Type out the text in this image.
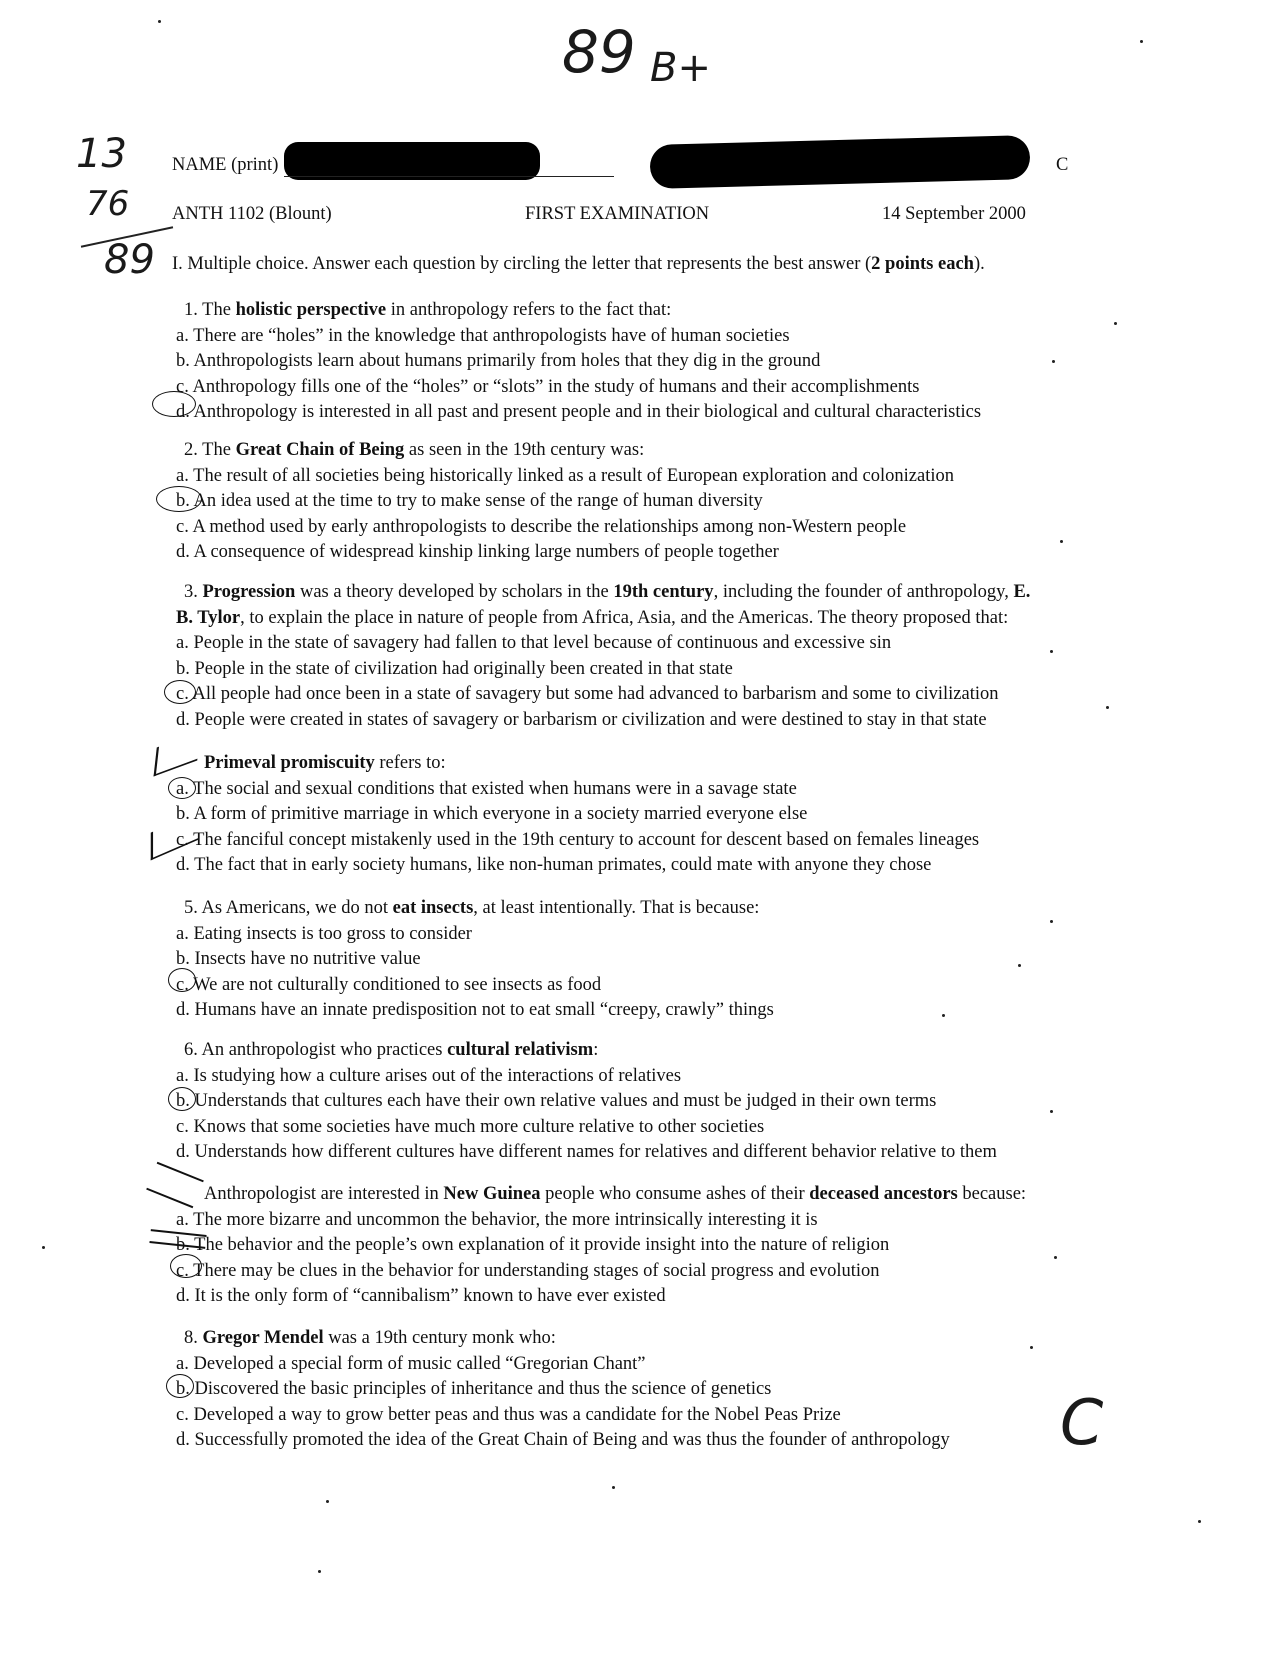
89 B+
13
76
89
C
NAME (print)	C
ANTH 1102 (Blount)	FIRST EXAMINATION	14 September 2000
I. Multiple choice. Answer each question by circling the letter that represents the best answer (2 points each).
1. The holistic perspective in anthropology refers to the fact that:
a. There are “holes” in the knowledge that anthropologists have of human societies
b. Anthropologists learn about humans primarily from holes that they dig in the ground
c. Anthropology fills one of the “holes” or “slots” in the study of humans and their accomplishments
d. Anthropology is interested in all past and present people and in their biological and cultural characteristics
2. The Great Chain of Being as seen in the 19th century was:
a. The result of all societies being historically linked as a result of European exploration and colonization
b. An idea used at the time to try to make sense of the range of human diversity
c. A method used by early anthropologists to describe the relationships among non-Western people
d. A consequence of widespread kinship linking large numbers of people together
3. Progression was a theory developed by scholars in the 19th century, including the founder of anthropology, E.
B. Tylor, to explain the place in nature of people from Africa, Asia, and the Americas. The theory proposed that:
a. People in the state of savagery had fallen to that level because of continuous and excessive sin
b. People in the state of civilization had originally been created in that state
c. All people had once been in a state of savagery but some had advanced to barbarism and some to civilization
d. People were created in states of savagery or barbarism or civilization and were destined to stay in that state
Primeval promiscuity refers to:
a. The social and sexual conditions that existed when humans were in a savage state
b. A form of primitive marriage in which everyone in a society married everyone else
c. The fanciful concept mistakenly used in the 19th century to account for descent based on females lineages
d. The fact that in early society humans, like non-human primates, could mate with anyone they chose
5. As Americans, we do not eat insects, at least intentionally. That is because:
a. Eating insects is too gross to consider
b. Insects have no nutritive value
c. We are not culturally conditioned to see insects as food
d. Humans have an innate predisposition not to eat small “creepy, crawly” things
6. An anthropologist who practices cultural relativism:
a. Is studying how a culture arises out of the interactions of relatives
b. Understands that cultures each have their own relative values and must be judged in their own terms
c. Knows that some societies have much more culture relative to other societies
d. Understands how different cultures have different names for relatives and different behavior relative to them
Anthropologist are interested in New Guinea people who consume ashes of their deceased ancestors because:
a. The more bizarre and uncommon the behavior, the more intrinsically interesting it is
b. The behavior and the people’s own explanation of it provide insight into the nature of religion
c. There may be clues in the behavior for understanding stages of social progress and evolution
d. It is the only form of “cannibalism” known to have ever existed
8. Gregor Mendel was a 19th century monk who:
a. Developed a special form of music called “Gregorian Chant”
b. Discovered the basic principles of inheritance and thus the science of genetics
c. Developed a way to grow better peas and thus was a candidate for the Nobel Peas Prize
d. Successfully promoted the idea of the Great Chain of Being and was thus the founder of anthropology
